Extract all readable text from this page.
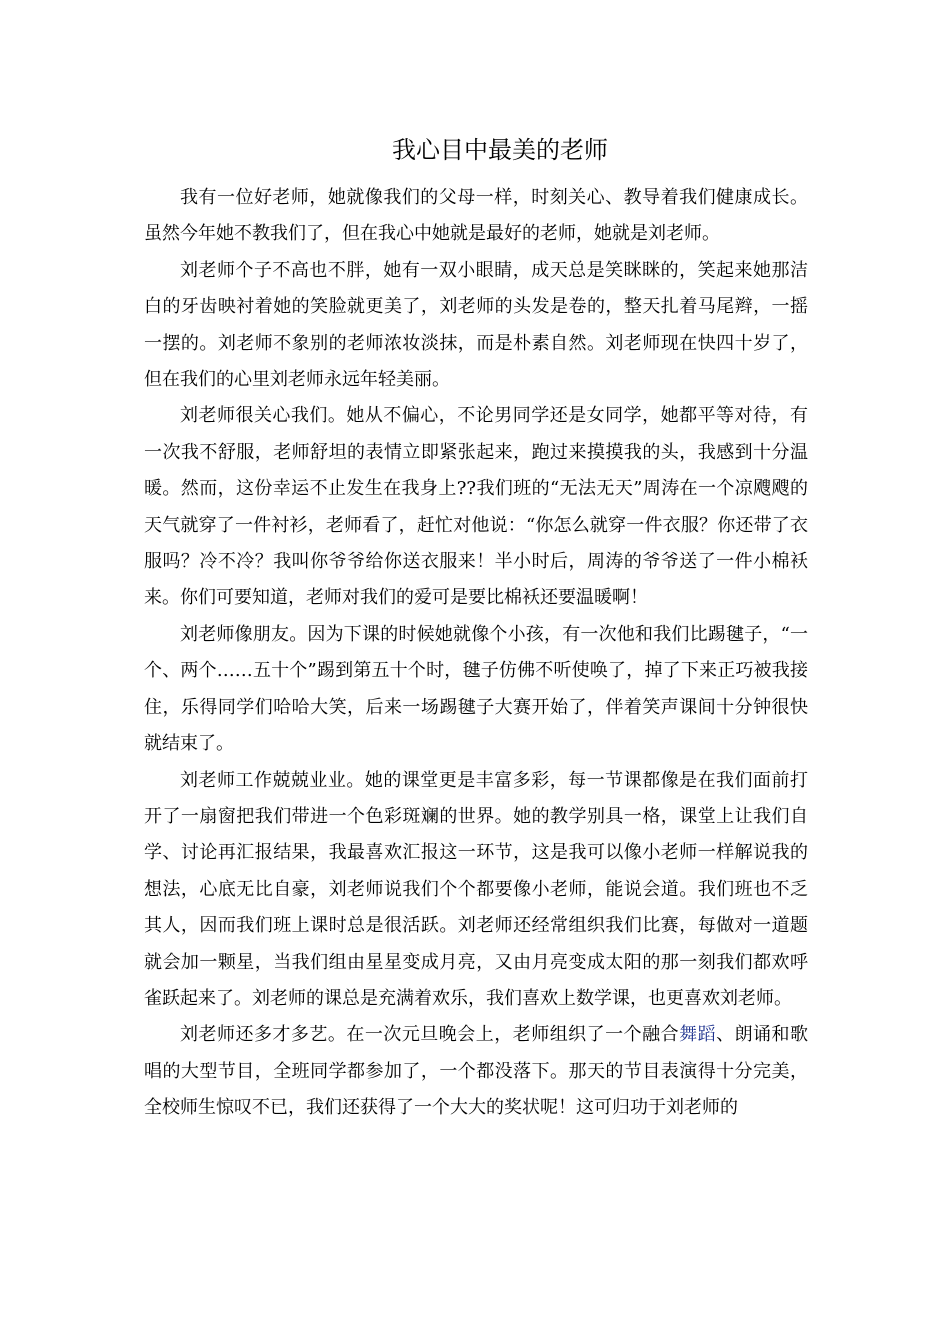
我心目中最美的老师

我有一位好老师，她就像我们的父母一样，时刻关心、教导着我们健康成长。虽然今年她不教我们了，但在我心中她就是最好的老师，她就是刘老师。

刘老师个子不高也不胖，她有一双小眼睛，成天总是笑眯眯的，笑起来她那洁白的牙齿映衬着她的笑脸就更美了，刘老师的头发是卷的，整天扎着马尾辫，一摇一摆的。刘老师不象别的老师浓妆淡抹，而是朴素自然。刘老师现在快四十岁了，但在我们的心里刘老师永远年轻美丽。

刘老师很关心我们。她从不偏心，不论男同学还是女同学，她都平等对待，有一次我不舒服，老师舒坦的表情立即紧张起来，跑过来摸摸我的头，我感到十分温暖。然而，这份幸运不止发生在我身上??我们班的“无法无天”周涛在一个凉飕飕的天气就穿了一件衬衫，老师看了，赶忙对他说：“你怎么就穿一件衣服？你还带了衣服吗？冷不冷？我叫你爷爷给你送衣服来！半小时后，周涛的爷爷送了一件小棉袄来。你们可要知道，老师对我们的爱可是要比棉袄还要温暖啊！

刘老师像朋友。因为下课的时候她就像个小孩，有一次他和我们比踢毽子，“一个、两个……五十个”踢到第五十个时，毽子仿佛不听使唤了，掉了下来正巧被我接住，乐得同学们哈哈大笑，后来一场踢毽子大赛开始了，伴着笑声课间十分钟很快就结束了。

刘老师工作兢兢业业。她的课堂更是丰富多彩，每一节课都像是在我们面前打开了一扇窗把我们带进一个色彩斑斓的世界。她的教学别具一格，课堂上让我们自学、讨论再汇报结果，我最喜欢汇报这一环节，这是我可以像小老师一样解说我的想法，心底无比自豪，刘老师说我们个个都要像小老师，能说会道。我们班也不乏其人，因而我们班上课时总是很活跃。刘老师还经常组织我们比赛，每做对一道题就会加一颗星，当我们组由星星变成月亮，又由月亮变成太阳的那一刻我们都欢呼雀跃起来了。刘老师的课总是充满着欢乐，我们喜欢上数学课，也更喜欢刘老师。

刘老师还多才多艺。在一次元旦晚会上，老师组织了一个融合舞蹈、朗诵和歌唱的大型节目，全班同学都参加了，一个都没落下。那天的节目表演得十分完美，全校师生惊叹不已，我们还获得了一个大大的奖状呢！这可归功于刘老师的
